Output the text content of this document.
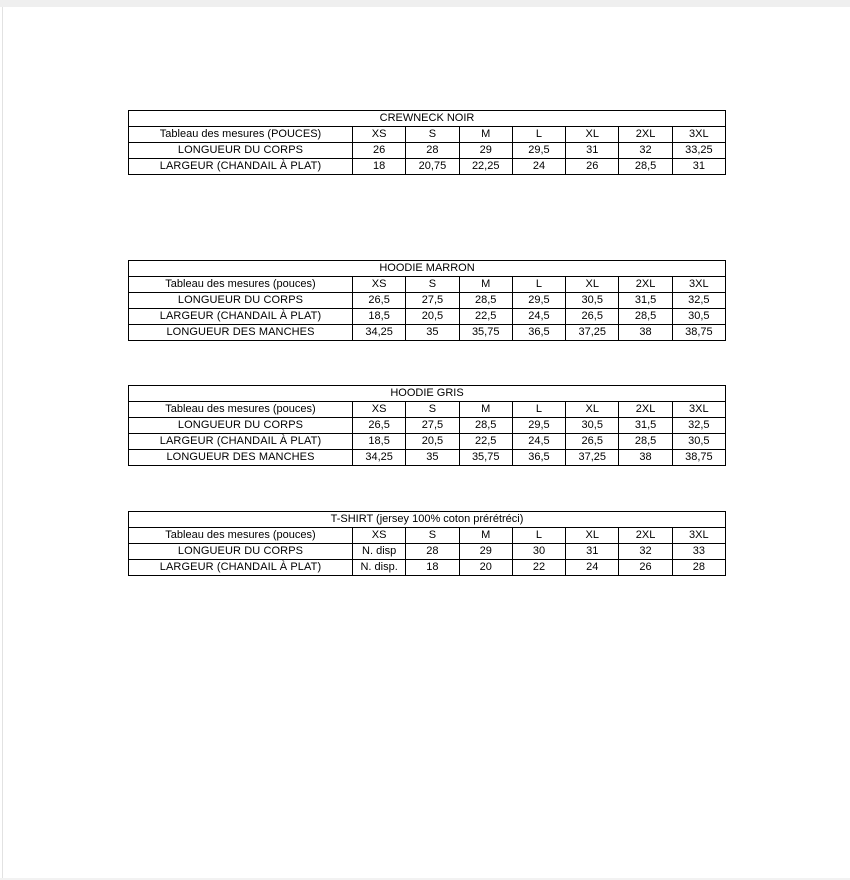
CREWNECK NOIR							
Tableau des mesures (POUCES)	XS	S	M	L	XL	2XL	3XL
LONGUEUR DU CORPS	26	28	29	29,5	31	32	33,25
LARGEUR (CHANDAIL À PLAT)	18	20,75	22,25	24	26	28,5	31
HOODIE MARRON							
Tableau des mesures (pouces)	XS	S	M	L	XL	2XL	3XL
LONGUEUR DU CORPS	26,5	27,5	28,5	29,5	30,5	31,5	32,5
LARGEUR (CHANDAIL À PLAT)	18,5	20,5	22,5	24,5	26,5	28,5	30,5
LONGUEUR DES MANCHES	34,25	35	35,75	36,5	37,25	38	38,75
HOODIE GRIS							
Tableau des mesures (pouces)	XS	S	M	L	XL	2XL	3XL
LONGUEUR DU CORPS	26,5	27,5	28,5	29,5	30,5	31,5	32,5
LARGEUR (CHANDAIL À PLAT)	18,5	20,5	22,5	24,5	26,5	28,5	30,5
LONGUEUR DES MANCHES	34,25	35	35,75	36,5	37,25	38	38,75
T-SHIRT (jersey 100% coton prérétréci)							
Tableau des mesures (pouces)	XS	S	M	L	XL	2XL	3XL
LONGUEUR DU CORPS	N. disp	28	29	30	31	32	33
LARGEUR (CHANDAIL À PLAT)	N. disp.	18	20	22	24	26	28
